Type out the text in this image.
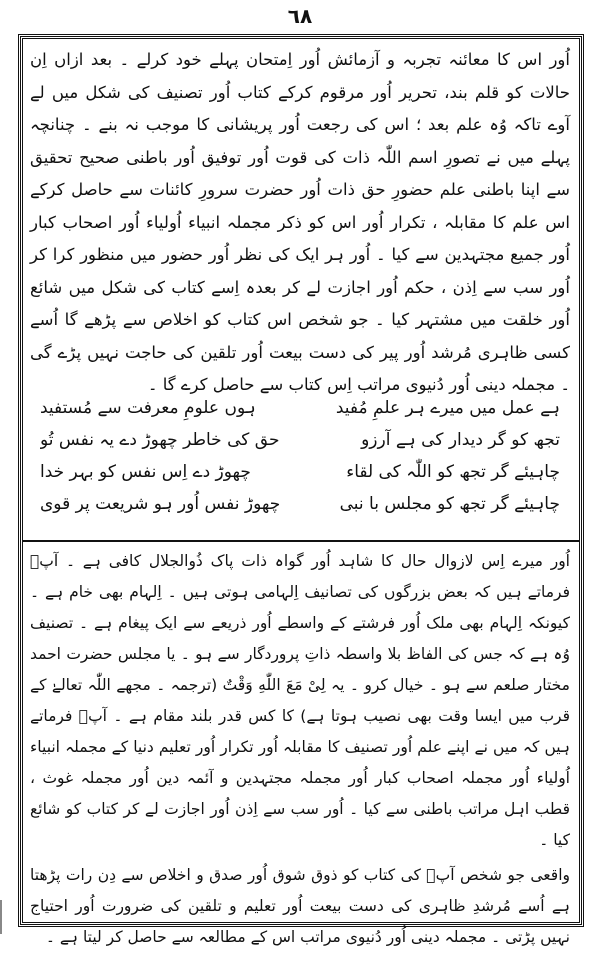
٦٨

اُور اس کا معائنہ تجربہ و آزمائش اُور اِمتحان پہلے خود کرلے ۔ بعد ازاں اِن حالات کو قلم بند، تحریر اُور مرقوم کرکے کتاب اُور تصنیف کی شکل میں لے آوے تاکہ وُہ علم بعد ؛ اس کی رجعت اُور پریشانی کا موجب نہ بنے ۔ چنانچہ پہلے میں نے تصورِ اسم اللّٰہ ذات کی قوت اُور توفیق اُور باطنی صحیح تحقیق سے اپنا باطنی علم حضورِ حق ذات اُور حضرت سرورِ کائنات سے حاصل کرکے اس علم کا مقابلہ ، تکرار اُور اس کو ذکر مجملہ انبیاء اُولیاء اُور اصحاب کبار اُور جمیع مجتہدین سے کیا ۔ اُور ہر ایک کی نظر اُور حضور میں منظور کرا کر اُور سب سے اِذن ، حکم اُور اجازت لے کر بعدہ اِسے کتاب کی شکل میں شائع اُور خلقت میں مشتہر کیا ۔ جو شخص اس کتاب کو اخلاص سے پڑھے گا اُسے کسی ظاہری مُرشد اُور پیر کی دست بیعت اُور تلقین کی حاجت نہیں پڑے گی ۔ مجملہ دینی اُور دُنیوی مراتب اِس کتاب سے حاصل کرے گا ۔

ہے عمل میں میرے ہر علمِ مُفید
ہوں علومِ معرفت سے مُستفید
تجھ کو گر دیدار کی ہے آرزو
حق کی خاطر چھوڑ دے یہ نفس تُو
چاہیئے گر تجھ کو اللّٰہ کی لقاء
چھوڑ دے اِس نفس کو بہر خدا
چاہیئے گر تجھ کو مجلس با نبی
چھوڑ نفس اُور ہو شریعت پر قوی

اُور میرے اِس لازوال حال کا شاہد اُور گواہ ذات پاک ذُوالجلال کافی ہے ۔ آپؒ فرماتے ہیں کہ بعض بزرگوں کی تصانیف اِلہامی ہوتی ہیں ۔ اِلہام بھی خام ہے ۔ کیونکہ اِلہام بھی ملک اُور فرشتے کے واسطے اُور ذریعے سے ایک پیغام ہے ۔ تصنیف وُہ ہے کہ جس کی الفاظ بلا واسطہ ذاتِ پروردگار سے ہو ۔ یا مجلس حضرت احمد مختار صلعم سے ہو ۔ خیال کرو ۔ یہ لِیْ مَعَ اللّٰهِ وَقْتٌ (ترجمہ ۔ مجھے اللّٰہ تعالےٰ کے قرب میں ایسا وقت بھی نصیب ہوتا ہے) کا کس قدر بلند مقام ہے ۔ آپؒ فرماتے ہیں کہ میں نے اپنے علم اُور تصنیف کا مقابلہ اُور تکرار اُور تعلیم دنیا کے مجملہ انبیاء اُولیاء اُور مجملہ اصحاب کبار اُور مجملہ مجتہدین و آئمہ دین اُور مجملہ غوث ، قطب اہل مراتب باطنی سے کیا ۔ اُور سب سے اِذن اُور اجازت لے کر کتاب کو شائع کیا ۔

واقعی جو شخص آپؒ کی کتاب کو ذوق شوق اُور صدق و اخلاص سے دِن رات پڑھتا ہے اُسے مُرشدِ ظاہری کی دست بیعت اُور تعلیم و تلقین کی ضرورت اُور احتیاج نہیں پڑتی ۔ مجملہ دینی اُور دُنیوی مراتب اس کے مطالعہ سے حاصل کر لیتا ہے ۔
